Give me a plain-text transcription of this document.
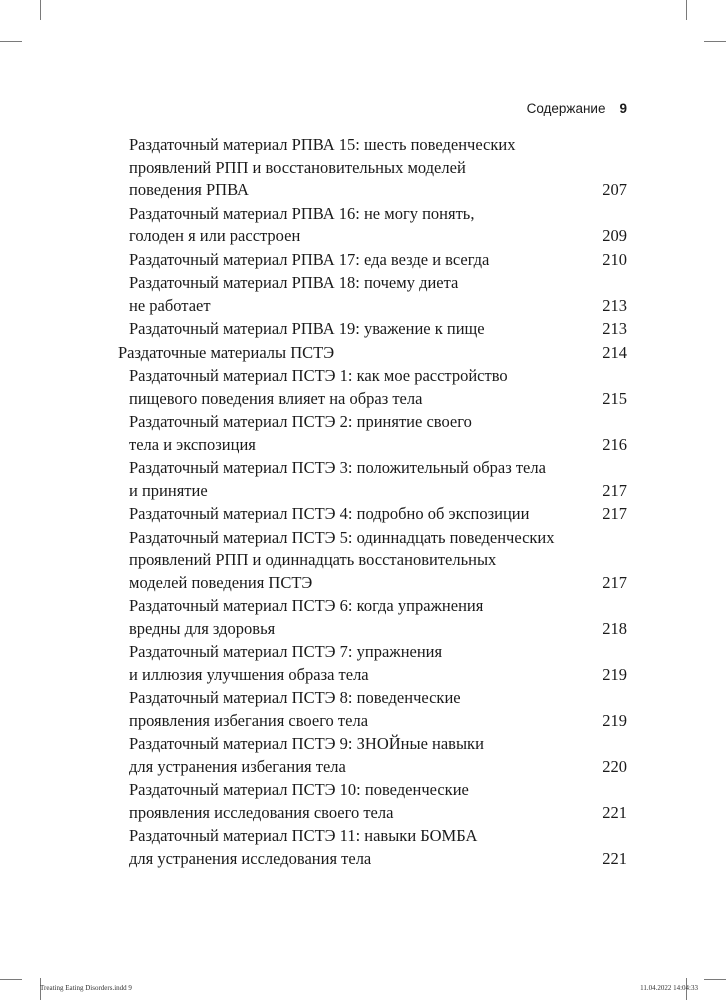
Содержание 9
Раздаточный материал РПВА 15: шесть поведенческих
проявлений РПП и восстановительных моделей
поведения РПВА	207
Раздаточный материал РПВА 16: не могу понять,
голоден я или расстроен	209
Раздаточный материал РПВА 17: еда везде и всегда	210
Раздаточный материал РПВА 18: почему диета
не работает	213
Раздаточный материал РПВА 19: уважение к пище	213
Раздаточные материалы ПСТЭ	214
Раздаточный материал ПСТЭ 1: как мое расстройство
пищевого поведения влияет на образ тела	215
Раздаточный материал ПСТЭ 2: принятие своего
тела и экспозиция	216
Раздаточный материал ПСТЭ 3: положительный образ тела
и принятие	217
Раздаточный материал ПСТЭ 4: подробно об экспозиции	217
Раздаточный материал ПСТЭ 5: одиннадцать поведенческих
проявлений РПП и одиннадцать восстановительных
моделей поведения ПСТЭ	217
Раздаточный материал ПСТЭ 6: когда упражнения
вредны для здоровья	218
Раздаточный материал ПСТЭ 7: упражнения
и иллюзия улучшения образа тела	219
Раздаточный материал ПСТЭ 8: поведенческие
проявления избегания своего тела	219
Раздаточный материал ПСТЭ 9: ЗНОЙные навыки
для устранения избегания тела	220
Раздаточный материал ПСТЭ 10: поведенческие
проявления исследования своего тела	221
Раздаточный материал ПСТЭ 11: навыки БОМБА
для устранения исследования тела	221
Treating Eating Disorders.indd 9	11.04.2022 14:04:33
